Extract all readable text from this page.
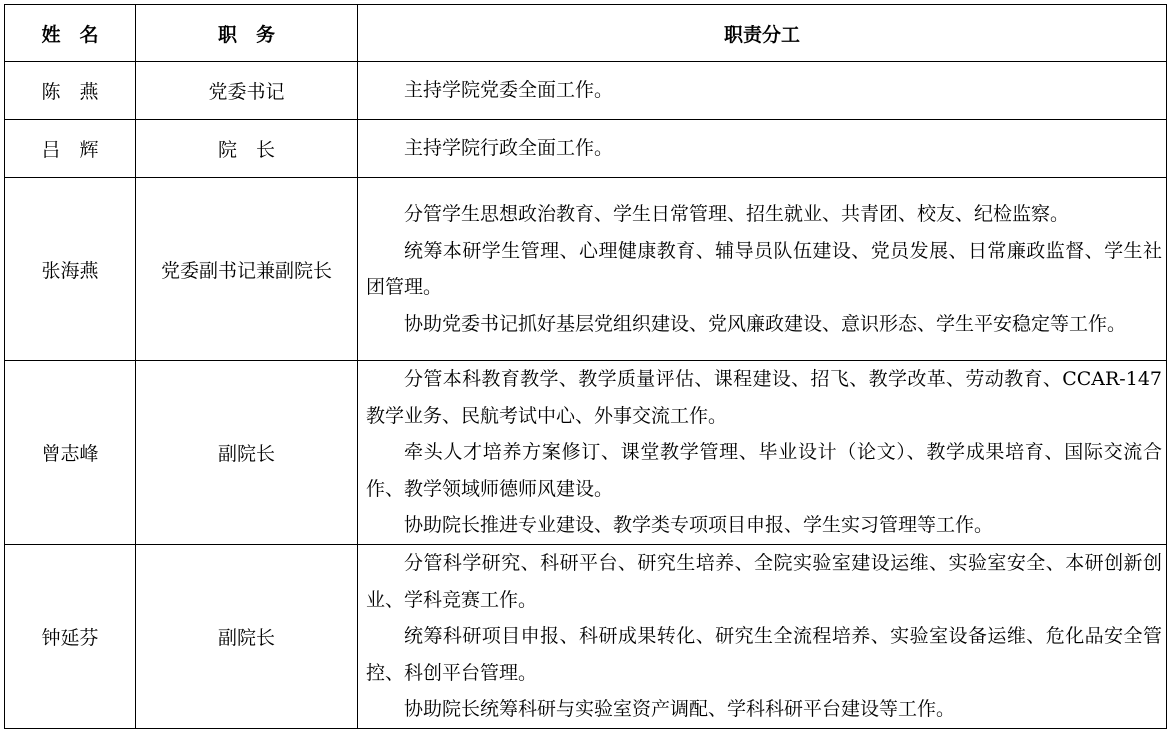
姓　名	职　务	职责分工
陈　燕	党委书记	主持学院党委全面工作。

吕　辉	院　长	主持学院行政全面工作。

张海燕	党委副书记兼副院长	分管学生思想政治教育、学生日常管理、招生就业、共青团、校友、纪检监察。

统筹本研学生管理、心理健康教育、辅导员队伍建设、党员发展、日常廉政监督、学生社团管理。

协助党委书记抓好基层党组织建设、党风廉政建设、意识形态、学生平安稳定等工作。

曾志峰	副院长	分管本科教育教学、教学质量评估、课程建设、招飞、教学改革、劳动教育、CCAR-147教学业务、民航考试中心、外事交流工作。

牵头人才培养方案修订、课堂教学管理、毕业设计（论文）、教学成果培育、国际交流合作、教学领域师德师风建设。

协助院长推进专业建设、教学类专项项目申报、学生实习管理等工作。

钟延芬	副院长	分管科学研究、科研平台、研究生培养、全院实验室建设运维、实验室安全、本研创新创业、学科竞赛工作。

统筹科研项目申报、科研成果转化、研究生全流程培养、实验室设备运维、危化品安全管控、科创平台管理。

协助院长统筹科研与实验室资产调配、学科科研平台建设等工作。
